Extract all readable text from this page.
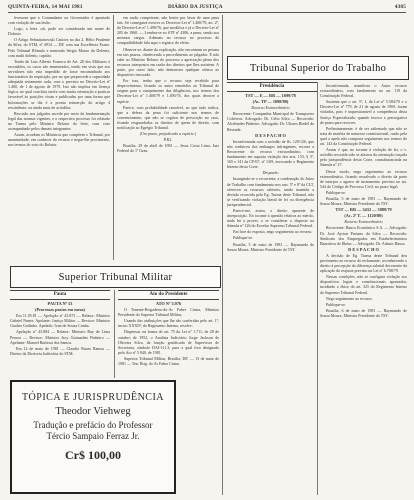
QUINTA-FEIRA, 14 MAI 1981	DIÁRIO DA JUSTIÇA	4385

tivessem que o Comandante ou Governador é apontado com violação de sua lesão.

Logo, a letra «d» pode ser considerada um nome de Dolusio.

O Artigo Sebastianowski Cautiva no dia 2. Hélio Prudente da Silva, do STM, nº 4914 — DF, com sua Excelência Exmo. Pelo Tribunal Rômulo e nomeado Sérgio Mauro da Dolenia, com multi dolento, capitão.

Tendo de Luis Alberto Fonseca de Art. 20 dos Militares é escrutádos, os casos são enumerados, tendo em vista que aos servidores não esta impedido de fosse encaminhado aos funcionários da requisição, por no que preprocede a capacidade adequada seriamente cada, com o previsto no Decreto-Lei nº 1.400, de 1 de agosto de 1979. Isto não implica em licença lógica, no qual concluiu tarefa com muita orientação a praticar favorável às posições vistas e publicadas por uma forma que Informações se diz é a pronta reinserção do artigo 4 rescindente, ou ainda mais de acórdãos.

Rescisão nos julgados sucede por meio da fundamentação legal das normas vigentes, e o respectivo processo foi relatado na Turma pelo Ministro Relator do feito, com voto acompanhado pelos demais integrantes.

Assim, acordam os Ministros que compõem o Tribunal, por unanimidade, em conhecer do recurso e negar-lhe provimento, nos termos do voto do Relator.

em razão competente, não hesite por lavar de uma pena tais. Só conseguirá exercer os Decretos-Lei nº 1.400/79, art. 2º, do Decreto-Lei nº 1.490/76, que modifica e já o Decreto-Lei nº 205 de 1960. — Lembra-se ao STF nº 4386, a pena, sendo aos mesmos cargos. Ademais no recurso no processo de compatibilidade fala aqui o registro do efeito.

Observa-se, diante da explicação, não encontram ao prisma em tais prazos, obedecendo a procedimento ao julgador. E não cabe ao Ministro Relator do processo a apreciação plena dos recursos interpostos em razão dos direitos que lhes assistem. A parte, por outro lado, não demonstra qualquer ofensa ao dispositivo invocado.

Por isso, tenho que o recurso seja recebido para desprovimento, ficando os autos remetidos ao Tribunal de origem para o cumprimento das diligências, nos termos dos Decretos-Lei nº 1.400/79 e 1.490/76, dos quais decorre a espécie.

Parece, com probabilidade razoável, ao que tudo indica, que a defesa da pena foi suficiente nos termos de convencimento, que não se cogitou de prescrição no caso, ficando resguardados os direitos de quem de direito, com notificação ao Egrégio Tribunal.

(Um prazo, prejudicado a espécie.)

P.R.I.

Brasília, 29 de abril de 1981 — Jesus Costa Lima, Juiz Federal do 1º Grau.

Tribunal Superior do Trabalho
Presidência

TST — E — RR — 1699/78

(Ac. TP — 1098/80)

Recurso Extraordinário

Recorrente: Companhia Municipal de Transportes Coletivos. Advogado: Dr. Célio Silva — Recorrido: Alcebíades Pinheiro. Advogado: Dr. Ulisses Riedel de Resende.

D E S P A C H O

Inconformada com o acórdão de fls. 120/126, que não conheceu dos embargos infringentes, recorre a Recorrente do recurso extraordinário, com fundamento em suposta violação dos arts. 153, § 3º, 165 e 141 da CF/67, nº 1/69, invocando o Regimento Interno desta Corte.

Despacho

Insurgindo-se o recorrente, a condenação do Juízo de Trabalho com fundamento nos arts. 5º e 8º da CLT, ofereceu os recursos cabíveis, sendo mantida a decisão recorrida pela Eg. Turma deste Tribunal, não se verificando violação literal de lei ou divergência jurisprudencial.

Parece-me, assim, o direito aparente de interposição. No tocante à questão relativa ao mérito, nada há a prover, a se considerar o disposto na Súmula nº 126 do Excelso Supremo Tribunal Federal.

Em face do exposto, nego seguimento ao recurso.

Publique-se.

Brasília, 5 de maio de 1981 — Raymundo de Souza Moura, Ministro Presidente do TST.

Inconformada, manifesta o Autor recurso extraordinário, com fundamento no art. 119 da Constituição Federal.

Sustenta que o art. 5º, I, da Lei nº 5.584/70 e o Decreto-Lei nº 779, de 21 de agosto de 1969, foram violados, pois é inquestionável a competência desta Justiça Especializada, quando invoca a prerrogativa de prazo para recorrer.

Preliminarmente, é de ser salientado que não se trata de matéria de natureza constitucional, razão pela qual o apelo não comporta seguimento nos termos do art. 143 da Constituição Federal.

Assim é que, no tocante à violação de lei, o v. acórdão recorrido não se afastou da orientação traçada pela jurisprudência desta Corte, consubstanciada na Súmula nº 27.

Desse modo, nego seguimento ao recurso extraordinário, ficando ressalvado o direito da parte de interpor o agravo de instrumento previsto no art. 544 do Código de Processo Civil, no prazo legal.

Publique-se.

Brasília, 5 de maio de 1981 — Raymundo de Souza Moura, Ministro Presidente do TST.

TST — RR — 3432 — 3089/79

(Ac. 2ª T. — 1120/80)

Recurso Extraordinário

Recorrente: Banco Econômico S.A. — Advogado: Dr. José Ayrton Paciano da Silva — Recorrido: Sindicato dos Empregados em Estabelecimentos Bancários de Ilhéus — Advogado: Dr. Adauto Hauss.

D E S P A C H O

A decisão de Eg. Turma deste Tribunal deu provimento ao recurso do reclamante, reconhecendo o direito à percepção da diferença salarial decorrente da aplicação do reajuste previsto na Lei nº 6.708/79.

Nessas condições, não se configura violação aos dispositivos legais e constitucionais apontados, incidindo o óbice do art. 325 do Regimento Interno do Supremo Tribunal Federal.

Nego seguimento ao recurso.

Publique-se.

Brasília, 6 de maio de 1981 — Raymundo de Souza Moura, Ministro Presidente do TST.

Superior Tribunal Militar
Pauta	Ato do Presidente

PAUTA Nº 53

(Processos postos em mesa)

Em 11.05.81 — Apelação nº 43.873 — Relator: Ministro Gabriel Nunes. Apelante: Justiça Militar — Revisor: Ministro Gualter Godinho. Apelado: Ivan de Souza Cunha.

Apelação nº 43.884 — Relator: Ministro Ruy de Lima Pessoa — Revisor: Ministro Jacy Guimarães Pinheiro — Apelante: Manoel Barbosa dos Santos.

Em 12 de maio de 1981 — Claudio Ruaro Ramos — Diretor da Diretoria Judiciária do STM.

ATO Nº 5.976

O Tenente-Brigadeiro-do-Ar Faber Cintra, Ministro Presidente do Superior Tribunal Militar,

Usando das atribuições que lhe são conferidas pelo art. 1º, inciso XXXIV, do Regimento Interno, resolve:

Dispensar, na forma do art. 75 da Lei nº 1.711, de 28 de outubro de 1952, o Analista Judiciário Jorge Jackson de Oliveira Silva, da função gratificada de Supervisor de Secretaria, símbolo DAI-111.3, para a qual fora designado pelo Ato nº 5.940, de 1981.

Superior Tribunal Militar, Brasília, DF, — 13 de maio de 1981 — Ten. Brig. do Ar Faber Cintra.

TÓPICA E JURISPRUDÊNCIA
Theodor Viehweg
Tradução e prefácio do Professor
Tércio Sampaio Ferraz Jr.
Cr$ 100,00
